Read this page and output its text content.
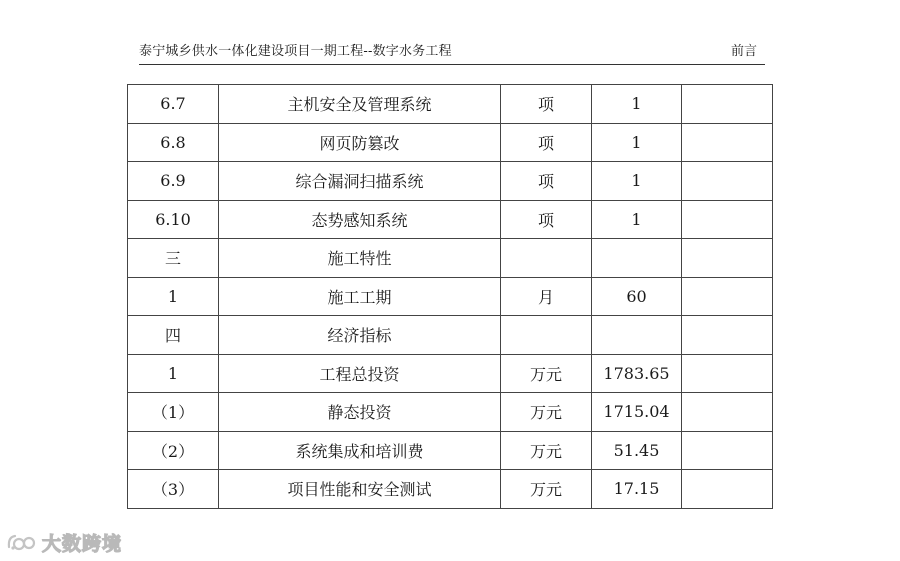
泰宁城乡供水一体化建设项目一期工程--数字水务工程	前言
6.7	主机安全及管理系统	项	1	
6.8	网页防篡改	项	1	
6.9	综合漏洞扫描系统	项	1	
6.10	态势感知系统	项	1	
三	施工特性			
1	施工工期	月	60	
四	经济指标			
1	工程总投资	万元	1783.65	
（1）	静态投资	万元	1715.04	
（2）	系统集成和培训费	万元	51.45	
（3）	项目性能和安全测试	万元	17.15	
大数跨境
